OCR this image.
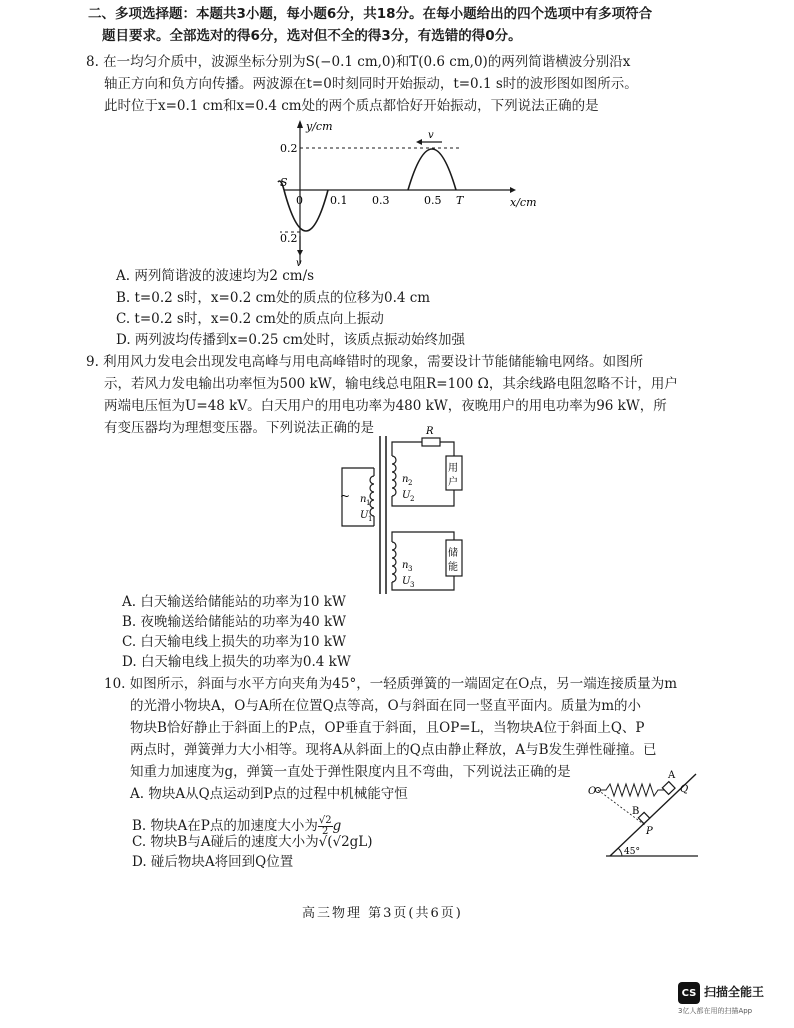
二、多项选择题：本题共3小题，每小题6分，共18分。在每小题给出的四个选项中有多项符合
题目要求。全部选对的得6分，选对但不全的得3分，有选错的得0分。
8. 在一均匀介质中，波源坐标分别为S(−0.1 cm,0)和T(0.6 cm,0)的两列简谐横波分别沿x
轴正方向和负方向传播。两波源在t=0时刻同时开始振动，t=0.1 s时的波形图如图所示。
此时位于x=0.1 cm和x=0.4 cm处的两个质点都恰好开始振动，下列说法正确的是
v
v
y/cm
x/cm
0.2
0.2
S
0 0.1 0.3	0.5 T
A. 两列简谐波的波速均为2 cm/s
B. t=0.2 s时，x=0.2 cm处的质点的位移为0.4 cm
C. t=0.2 s时，x=0.2 cm处的质点向上振动
D. 两列波均传播到x=0.25 cm处时，该质点振动始终加强
9. 利用风力发电会出现发电高峰与用电高峰错时的现象，需要设计节能储能输电网络。如图所
示，若风力发电输出功率恒为500 kW，输电线总电阻R=100 Ω，其余线路电阻忽略不计，用户
两端电压恒为U=48 kV。白天用户的用电功率为480 kW，夜晚用户的用电功率为96 kW，所
有变压器均为理想变压器。下列说法正确的是
~ n 1
U 1
R
用
户
n 2
U 2
储
能
n 3
U 3
A. 白天输送给储能站的功率为10 kW
B. 夜晚输送给储能站的功率为40 kW
C. 白天输电线上损失的功率为10 kW
D. 白天输电线上损失的功率为0.4 kW
10. 如图所示，斜面与水平方向夹角为45°，一轻质弹簧的一端固定在O点，另一端连接质量为m
的光滑小物块A，O与A所在位置Q点等高，O与斜面在同一竖直平面内。质量为m的小
物块B恰好静止于斜面上的P点，OP垂直于斜面，且OP=L，当物块A位于斜面上Q、P
两点时，弹簧弹力大小相等。现将A从斜面上的Q点由静止释放，A与B发生弹性碰撞。已
知重力加速度为g，弹簧一直处于弹性限度内且不弯曲，下列说法正确的是
A. 物块A从Q点运动到P点的过程中机械能守恒
B. 物块A在P点的加速度大小为 $\frac{√2}{2}$ g
C. 物块B与A碰后的速度大小为√(√2gL)
D. 碰后物块A将回到Q位置
O
A
Q
B
P
45°
高三物理 第3页(共6页)
CS 扫描全能王
3亿人都在用的扫描App
